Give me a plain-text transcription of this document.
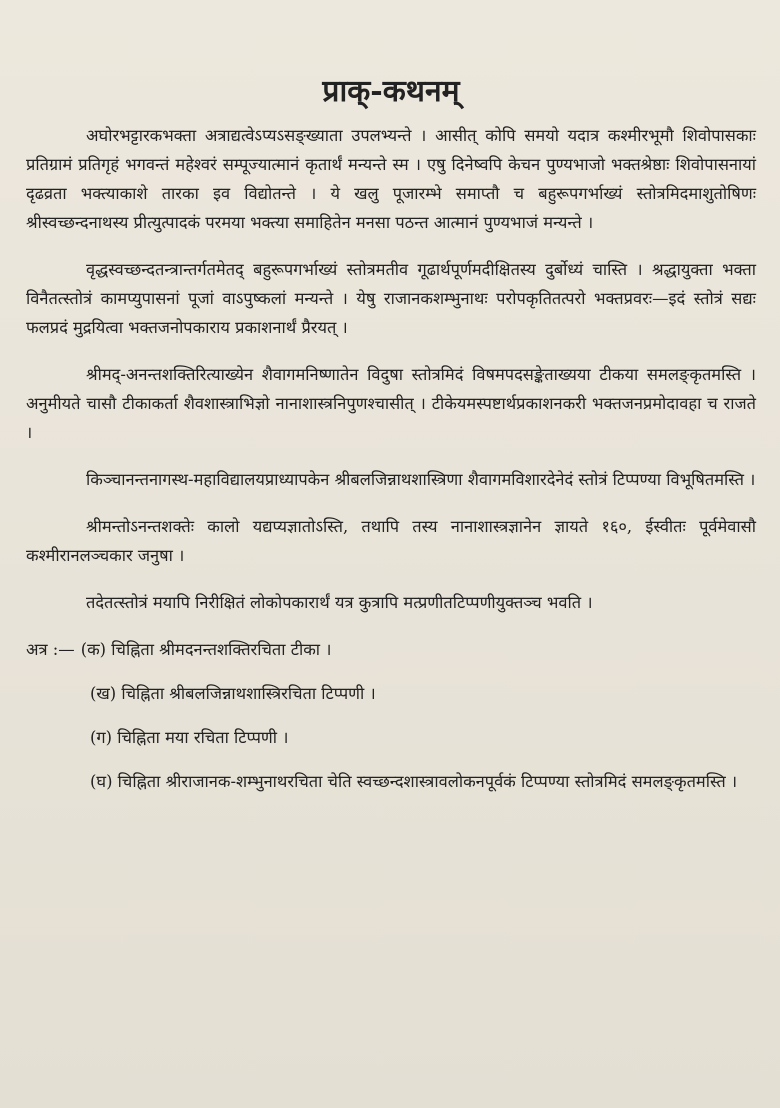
प्राक्-कथनम्

अघोरभट्टारकभक्ता अत्राद्यत्वेऽप्यऽसङ्ख्याता उपलभ्यन्ते । आसीत् कोपि समयो यदात्र कश्मीरभूमौ शिवोपासकाः प्रतिग्रामं प्रतिगृहं भगवन्तं महेश्वरं सम्पूज्यात्मानं कृतार्थं मन्यन्ते स्म । एषु दिनेष्वपि केचन पुण्यभाजो भक्तश्रेष्ठाः शिवोपासनायां दृढव्रता भक्त्याकाशे तारका इव विद्योतन्ते । ये खलु पूजारम्भे समाप्तौ च बहुरूपगर्भाख्यं स्तोत्रमिदमाशुतोषिणः श्रीस्वच्छन्दनाथस्य प्रीत्युत्पादकं परमया भक्त्या समाहितेन मनसा पठन्त आत्मानं पुण्यभाजं मन्यन्ते ।

वृद्धस्वच्छन्दतन्त्रान्तर्गतमेतद् बहुरूपगर्भाख्यं स्तोत्रमतीव गूढार्थपूर्णमदीक्षितस्य दुर्बोध्यं चास्ति । श्रद्धायुक्ता भक्ता विनैतत्स्तोत्रं कामप्युपासनां पूजां वाऽपुष्कलां मन्यन्ते । येषु राजानकशम्भुनाथः परोपकृतितत्परो भक्तप्रवरः—इदं स्तोत्रं सद्यः फलप्रदं मुद्रयित्वा भक्तजनोपकाराय प्रकाशनार्थं प्रैरयत् ।

श्रीमद्-अनन्तशक्तिरित्याख्येन शैवागमनिष्णातेन विदुषा स्तोत्रमिदं विषमपदसङ्केताख्यया टीकया समलङ्कृतमस्ति । अनुमीयते चासौ टीकाकर्ता शैवशास्त्राभिज्ञो नानाशास्त्रनिपुणश्चासीत् । टीकेयमस्पष्टार्थप्रकाशनकरी भक्तजनप्रमोदावहा च राजते ।

किञ्चानन्तनागस्थ-महाविद्यालयप्राध्यापकेन श्रीबलजिन्नाथशास्त्रिणा शैवागमविशारदेनेदं स्तोत्रं टिप्पण्या विभूषितमस्ति ।

श्रीमन्तोऽनन्तशक्तेः कालो यद्यप्यज्ञातोऽस्ति, तथापि तस्य नानाशास्त्रज्ञानेन ज्ञायते १६०, ईस्वीतः पूर्वमेवासौ कश्मीरानलञ्चकार जनुषा ।

तदेतत्स्तोत्रं मयापि निरीक्षितं लोकोपकारार्थं यत्र कुत्रापि मत्प्रणीतटिप्पणीयुक्तञ्च भवति ।

अत्र :— (क) चिह्निता श्रीमदनन्तशक्तिरचिता टीका ।
(ख) चिह्निता श्रीबलजिन्नाथशास्त्रिरचिता टिप्पणी ।
(ग) चिह्निता मया रचिता टिप्पणी ।

(घ) चिह्निता श्रीराजानक-शम्भुनाथरचिता चेति स्वच्छन्दशास्त्रावलोकनपूर्वकं टिप्पण्या स्तोत्रमिदं समलङ्कृतमस्ति ।
